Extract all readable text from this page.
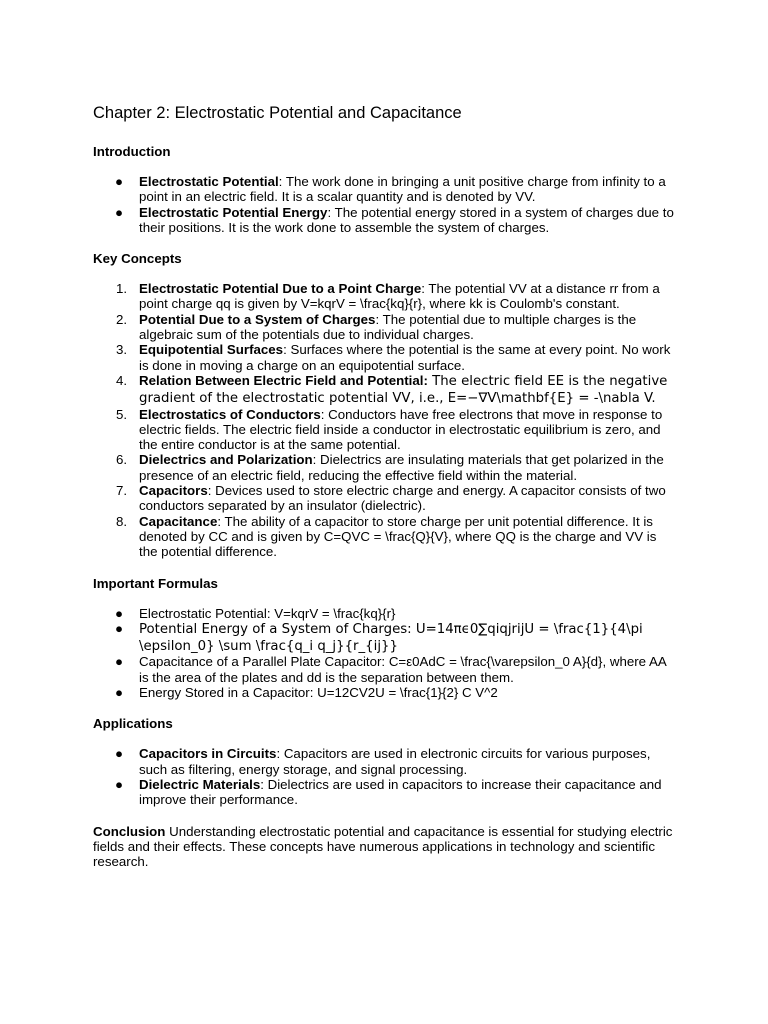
Chapter 2: Electrostatic Potential and Capacitance
Introduction
● Electrostatic Potential: The work done in bringing a unit positive charge from infinity to a point in an electric field. It is a scalar quantity and is denoted by VV.
● Electrostatic Potential Energy: The potential energy stored in a system of charges due to their positions. It is the work done to assemble the system of charges.
Key Concepts
1. Electrostatic Potential Due to a Point Charge: The potential VV at a distance rr from a point charge qq is given by V=kqrV = \frac{kq}{r}, where kk is Coulomb's constant.
2. Potential Due to a System of Charges: The potential due to multiple charges is the algebraic sum of the potentials due to individual charges.
3. Equipotential Surfaces: Surfaces where the potential is the same at every point. No work is done in moving a charge on an equipotential surface.
4. Relation Between Electric Field and Potential: The electric field EE is the negative gradient of the electrostatic potential VV, i.e., E=−∇V\mathbf{E} = -\nabla V.
5. Electrostatics of Conductors: Conductors have free electrons that move in response to electric fields. The electric field inside a conductor in electrostatic equilibrium is zero, and the entire conductor is at the same potential.
6. Dielectrics and Polarization: Dielectrics are insulating materials that get polarized in the presence of an electric field, reducing the effective field within the material.
7. Capacitors: Devices used to store electric charge and energy. A capacitor consists of two conductors separated by an insulator (dielectric).
8. Capacitance: The ability of a capacitor to store charge per unit potential difference. It is denoted by CC and is given by C=QVC = \frac{Q}{V}, where QQ is the charge and VV is the potential difference.
Important Formulas
● Electrostatic Potential: V=kqrV = \frac{kq}{r}
● Potential Energy of a System of Charges: U=14πϵ0∑qiqjrijU = \frac{1}{4\pi \epsilon_0} \sum \frac{q_i q_j}{r_{ij}}
● Capacitance of a Parallel Plate Capacitor: C=ε0AdC = \frac{\varepsilon_0 A}{d}, where AA is the area of the plates and dd is the separation between them.
● Energy Stored in a Capacitor: U=12CV2U = \frac{1}{2} C V^2
Applications
● Capacitors in Circuits: Capacitors are used in electronic circuits for various purposes, such as filtering, energy storage, and signal processing.
● Dielectric Materials: Dielectrics are used in capacitors to increase their capacitance and improve their performance.

Conclusion Understanding electrostatic potential and capacitance is essential for studying electric fields and their effects. These concepts have numerous applications in technology and scientific research.
